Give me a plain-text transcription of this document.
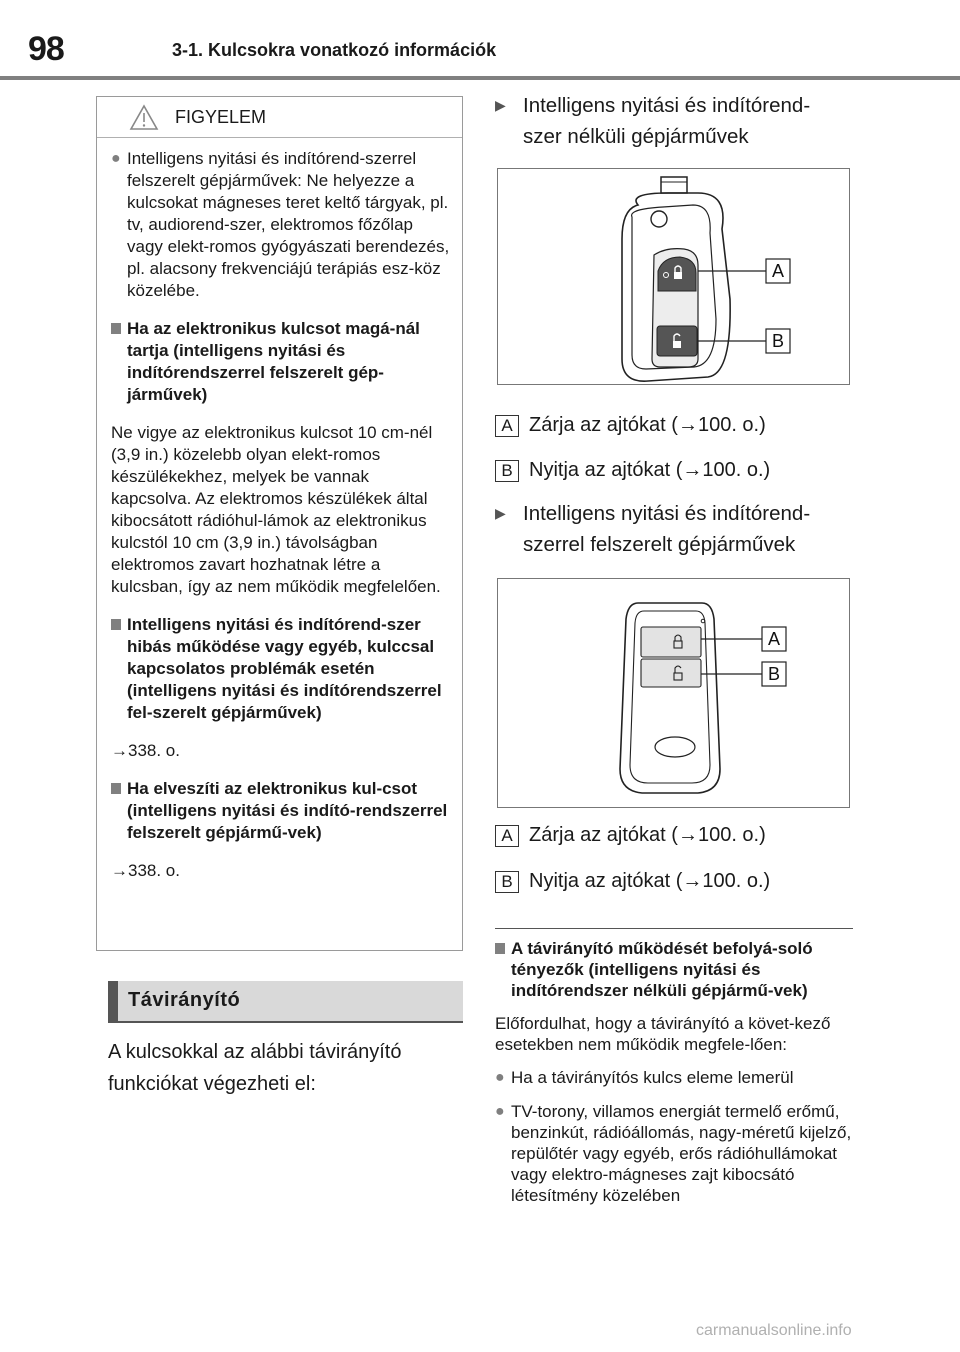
98	3-1. Kulcsokra vonatkozó információk
FIGYELEM
● Intelligens nyitási és indítórend-szerrel felszerelt gépjárművek: Ne helyezze a kulcsokat mágneses teret keltő tárgyak, pl. tv, audiorend-szer, elektromos főzőlap vagy elekt-romos gyógyászati berendezés, pl. alacsony frekvenciájú terápiás esz-köz közelébe.
Ha az elektronikus kulcsot magá-nál tartja (intelligens nyitási és indítórendszerrel felszerelt gép-járművek)
Ne vigye az elektronikus kulcsot 10 cm-nél (3,9 in.) közelebb olyan elekt-romos készülékekhez, melyek be vannak kapcsolva. Az elektromos készülékek által kibocsátott rádióhul-lámok az elektronikus kulcstól 10 cm (3,9 in.) távolságban elektromos zavart hozhatnak létre a kulcsban, így az nem működik megfelelően.
Intelligens nyitási és indítórend-szer hibás működése vagy egyéb, kulccsal kapcsolatos problémák esetén (intelligens nyitási és indítórendszerrel fel-szerelt gépjárművek)
→338. o.
Ha elveszíti az elektronikus kul-csot (intelligens nyitási és indító-rendszerrel felszerelt gépjármű-vek)
→338. o.
Távirányító
A kulcsokkal az alábbi távirányító funkciókat végezheti el:
▶ Intelligens nyitási és indítórend-szer nélküli gépjárművek
A
B
A Zárja az ajtókat (→100. o.)
B Nyitja az ajtókat (→100. o.)
▶ Intelligens nyitási és indítórend-szerrel felszerelt gépjárművek
A
B
A Zárja az ajtókat (→100. o.)
B Nyitja az ajtókat (→100. o.)
A távirányító működését befolyá-soló tényezők (intelligens nyitási és indítórendszer nélküli gépjármű-vek)
Előfordulhat, hogy a távirányító a követ-kező esetekben nem működik megfele-lően:
● Ha a távirányítós kulcs eleme lemerül
● TV-torony, villamos energiát termelő erőmű, benzinkút, rádióállomás, nagy-méretű kijelző, repülőtér vagy egyéb, erős rádióhullámokat vagy elektro-mágneses zajt kibocsátó létesítmény közelében
carmanualsonline.info
